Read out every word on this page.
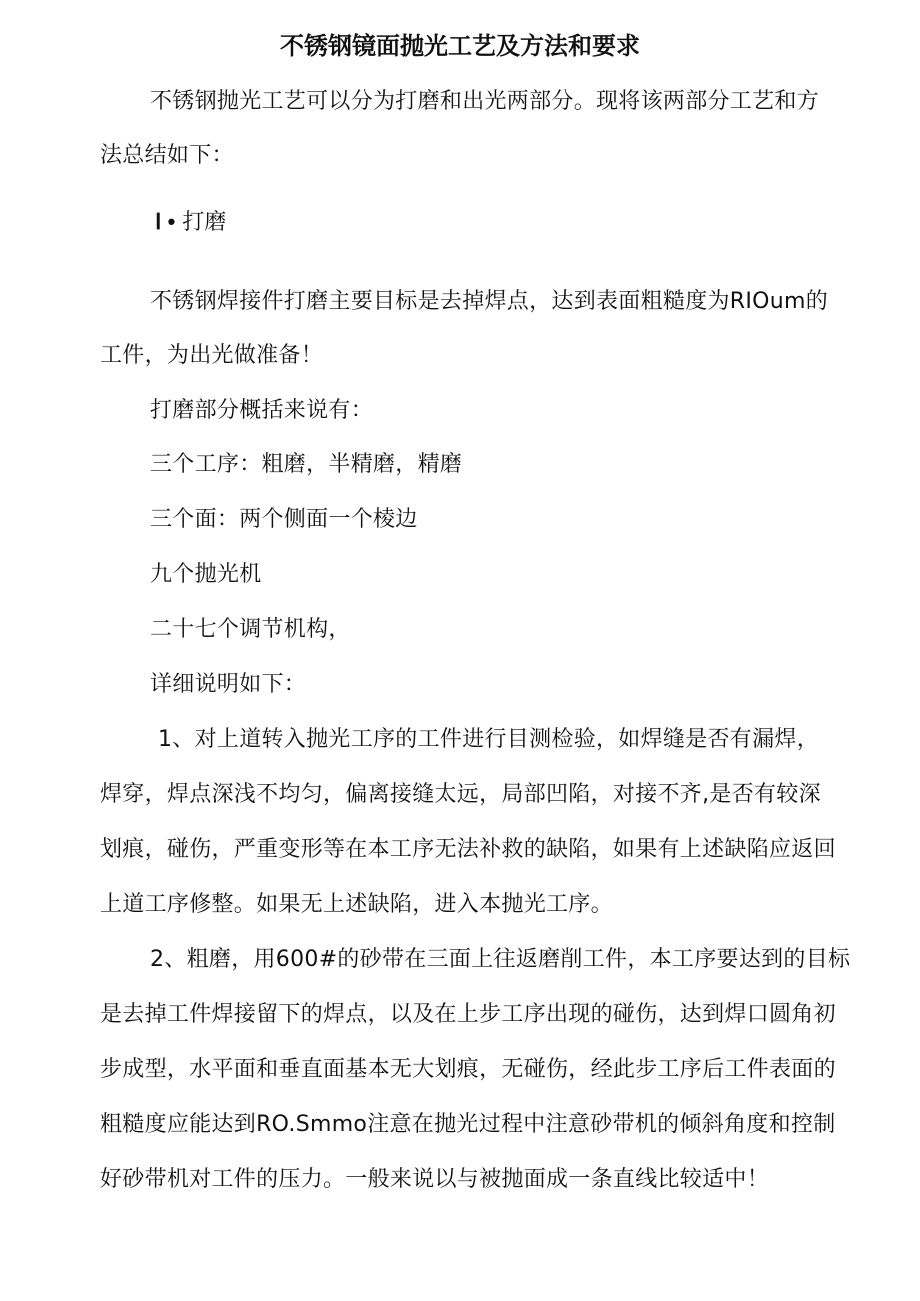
不锈钢镜面抛光工艺及方法和要求

不锈钢抛光工艺可以分为打磨和出光两部分。现将该两部分工艺和方

法总结如下：

Ⅰ • 打磨

不锈钢焊接件打磨主要目标是去掉焊点，达到表面粗糙度为RIOum的

工件，为出光做准备！

打磨部分概括来说有：

三个工序：粗磨，半精磨，精磨

三个面：两个侧面一个棱边

九个抛光机

二十七个调节机构，

详细说明如下：

1、对上道转入抛光工序的工件进行目测检验，如焊缝是否有漏焊，

焊穿，焊点深浅不均匀，偏离接缝太远，局部凹陷，对接不齐,是否有较深

划痕，碰伤，严重变形等在本工序无法补救的缺陷，如果有上述缺陷应返回

上道工序修整。如果无上述缺陷，进入本抛光工序。

2、粗磨，用600#的砂带在三面上往返磨削工件，本工序要达到的目标

是去掉工件焊接留下的焊点，以及在上步工序出现的碰伤，达到焊口圆角初

步成型，水平面和垂直面基本无大划痕，无碰伤，经此步工序后工件表面的

粗糙度应能达到RO.Smmo注意在抛光过程中注意砂带机的倾斜角度和控制

好砂带机对工件的压力。一般来说以与被抛面成一条直线比较适中！
